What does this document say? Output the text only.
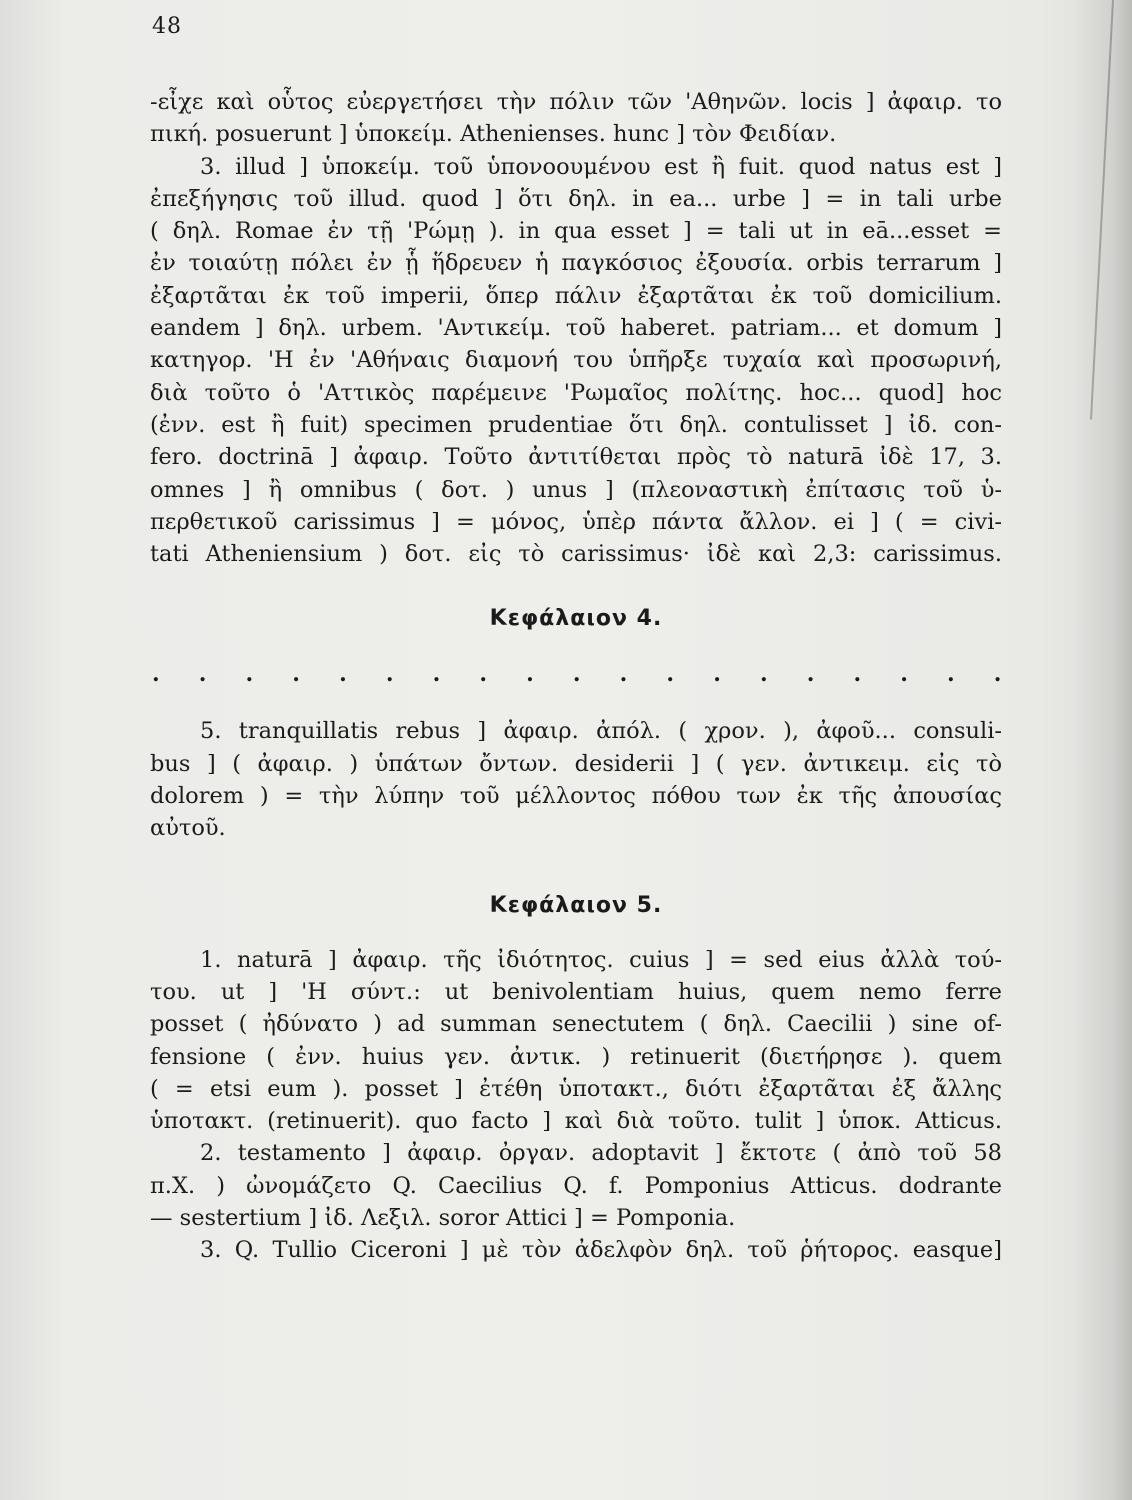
48

-εἶχε καὶ οὗτος εὐεργετήσει τὴν πόλιν τῶν 'Αθηνῶν. locis ] ἀφαιρ. το
πική. posuerunt ] ὑποκείμ. Athenienses. hunc ] τὸν Φειδίαν.

3. illud ] ὑποκείμ. τοῦ ὑπονοουμένου est ἢ fuit. quod natus est ]
ἐπεξήγησις τοῦ illud. quod ] ὅτι δηλ. in ea... urbe ] = in tali urbe
( δηλ. Romae ἐν τῇ 'Ρώμῃ ). in qua esset ] = tali ut in eā...esset =
ἐν τοιαύτῃ πόλει ἐν ᾗ ἥδρευεν ἡ παγκόσιος ἐξουσία. orbis terrarum ]
ἐξαρτᾶται ἐκ τοῦ imperii, ὅπερ πάλιν ἐξαρτᾶται ἐκ τοῦ domicilium.
eandem ] δηλ. urbem. 'Αντικείμ. τοῦ haberet. patriam... et domum ]
κατηγορ. 'Η ἐν 'Αθήναις διαμονή του ὑπῆρξε τυχαία καὶ προσωρινή,
διὰ τοῦτο ὁ 'Αττικὸς παρέμεινε 'Ρωμαῖος πολίτης. hoc... quod] hoc
(ἐνν. est ἢ fuit) specimen prudentiae ὅτι δηλ. contulisset ] ἰδ. con-
fero. doctrinā ] ἀφαιρ. Τοῦτο ἀντιτίθεται πρὸς τὸ naturā ἰδὲ 17, 3.
omnes ] ἢ omnibus ( δοτ. ) unus ] (πλεοναστικὴ ἐπίτασις τοῦ ὑ-
περθετικοῦ carissimus ] = μόνος, ὑπὲρ πάντα ἄλλον. ei ] ( = civi-
tati Atheniensium ) δοτ. εἰς τὸ carissimus· ἰδὲ καὶ 2,3: carissimus.

Κεφάλαιον 4.
. . . . . . . . . . . . . . . . . . .

5. tranquillatis rebus ] ἀφαιρ. ἀπόλ. ( χρον. ), ἀφοῦ... consuli-
bus ] ( ἀφαιρ. ) ὑπάτων ὄντων. desiderii ] ( γεν. ἀντικειμ. εἰς τὸ
dolorem ) = τὴν λύπην τοῦ μέλλοντος πόθου των ἐκ τῆς ἀπουσίας
αὐτοῦ.

Κεφάλαιον 5.

1. naturā ] ἀφαιρ. τῆς ἰδιότητος. cuius ] = sed eius ἀλλὰ τού-
του. ut ] 'Η σύντ.: ut benivolentiam huius, quem nemo ferre
posset ( ἠδύνατο ) ad summan senectutem ( δηλ. Caecilii ) sine of-
fensione ( ἐνν. huius γεν. ἀντικ. ) retinuerit (διετήρησε ). quem
( = etsi eum ). posset ] ἐτέθη ὑποτακτ., διότι ἐξαρτᾶται ἐξ ἄλλης
ὑποτακτ. (retinuerit). quo facto ] καὶ διὰ τοῦτο. tulit ] ὑποκ. Atticus.

2. testamento ] ἀφαιρ. ὀργαν. adoptavit ] ἔκτοτε ( ἀπὸ τοῦ 58
π.Χ. ) ὠνομάζετο Q. Caecilius Q. f. Pomponius Atticus. dodrante
— sestertium ] ἰδ. Λεξιλ. soror Attici ] = Pomponia.

3. Q. Tullio Ciceroni ] μὲ τὸν ἀδελφὸν δηλ. τοῦ ῥήτορος. easque]
